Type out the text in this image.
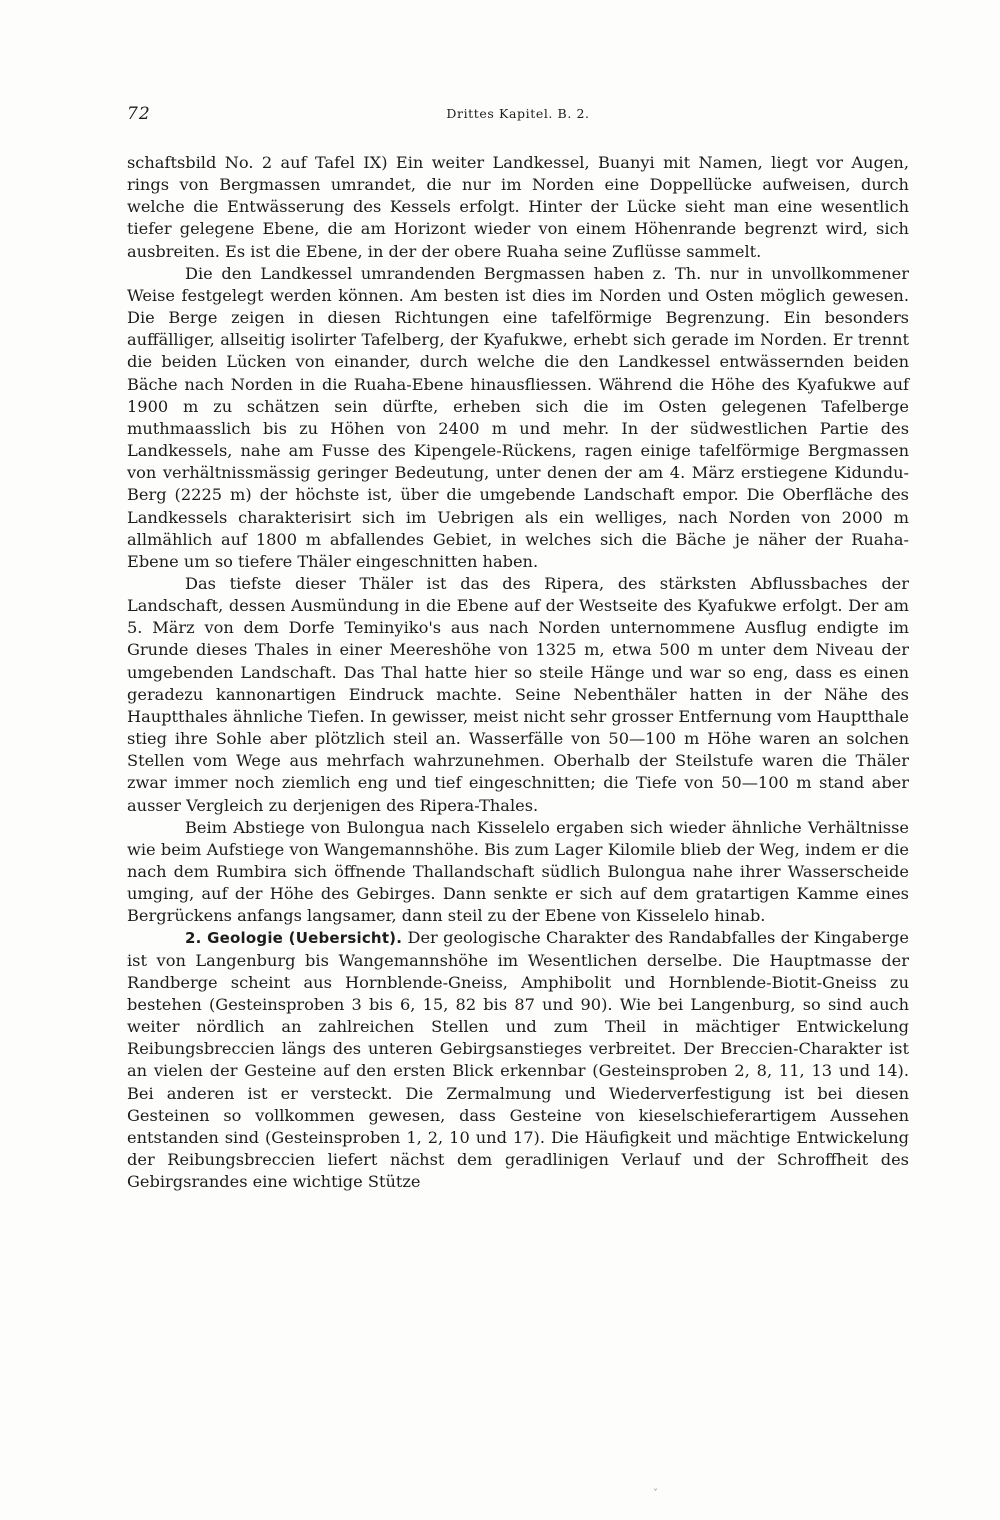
72	Drittes Kapitel. B. 2.

schaftsbild No. 2 auf Tafel IX) Ein weiter Landkessel, Buanyi mit Namen, liegt vor Augen, rings von Bergmassen umrandet, die nur im Norden eine Doppellücke aufweisen, durch welche die Entwässerung des Kessels erfolgt. Hinter der Lücke sieht man eine wesentlich tiefer gelegene Ebene, die am Horizont wieder von einem Höhenrande begrenzt wird, sich ausbreiten. Es ist die Ebene, in der der obere Ruaha seine Zuflüsse sammelt.

Die den Landkessel umrandenden Bergmassen haben z. Th. nur in unvollkommener Weise festgelegt werden können. Am besten ist dies im Norden und Osten möglich gewesen. Die Berge zeigen in diesen Richtungen eine tafelförmige Begrenzung. Ein besonders auffälliger, allseitig isolirter Tafelberg, der Kyafukwe, erhebt sich gerade im Norden. Er trennt die beiden Lücken von einander, durch welche die den Landkessel entwässernden beiden Bäche nach Norden in die Ruaha-Ebene hinausfliessen. Während die Höhe des Kyafukwe auf 1900 m zu schätzen sein dürfte, erheben sich die im Osten gelegenen Tafelberge muthmaasslich bis zu Höhen von 2400 m und mehr. In der südwestlichen Partie des Landkessels, nahe am Fusse des Kipengele-Rückens, ragen einige tafelförmige Bergmassen von verhältnissmässig geringer Bedeutung, unter denen der am 4. März erstiegene Kidundu-Berg (2225 m) der höchste ist, über die umgebende Landschaft empor. Die Oberfläche des Landkessels charakterisirt sich im Uebrigen als ein welliges, nach Norden von 2000 m allmählich auf 1800 m abfallendes Gebiet, in welches sich die Bäche je näher der Ruaha-Ebene um so tiefere Thäler eingeschnitten haben.

Das tiefste dieser Thäler ist das des Ripera, des stärksten Abflussbaches der Landschaft, dessen Ausmündung in die Ebene auf der Westseite des Kyafukwe erfolgt. Der am 5. März von dem Dorfe Teminyiko's aus nach Norden unternommene Ausflug endigte im Grunde dieses Thales in einer Meereshöhe von 1325 m, etwa 500 m unter dem Niveau der umgebenden Landschaft. Das Thal hatte hier so steile Hänge und war so eng, dass es einen geradezu kannonartigen Eindruck machte. Seine Nebenthäler hatten in der Nähe des Hauptthales ähnliche Tiefen. In gewisser, meist nicht sehr grosser Entfernung vom Hauptthale stieg ihre Sohle aber plötzlich steil an. Wasserfälle von 50—100 m Höhe waren an solchen Stellen vom Wege aus mehrfach wahrzunehmen. Oberhalb der Steilstufe waren die Thäler zwar immer noch ziemlich eng und tief eingeschnitten; die Tiefe von 50—100 m stand aber ausser Vergleich zu derjenigen des Ripera-Thales.

Beim Abstiege von Bulongua nach Kisselelo ergaben sich wieder ähnliche Verhältnisse wie beim Aufstiege von Wangemannshöhe. Bis zum Lager Kilomile blieb der Weg, indem er die nach dem Rumbira sich öffnende Thallandschaft südlich Bulongua nahe ihrer Wasserscheide umging, auf der Höhe des Gebirges. Dann senkte er sich auf dem gratartigen Kamme eines Bergrückens anfangs langsamer, dann steil zu der Ebene von Kisselelo hinab.

2. Geologie (Uebersicht). Der geologische Charakter des Randabfalles der Kingaberge ist von Langenburg bis Wangemannshöhe im Wesentlichen derselbe. Die Hauptmasse der Randberge scheint aus Hornblende-Gneiss, Amphibolit und Hornblende-Biotit-Gneiss zu bestehen (Gesteinsproben 3 bis 6, 15, 82 bis 87 und 90). Wie bei Langenburg, so sind auch weiter nördlich an zahlreichen Stellen und zum Theil in mächtiger Entwickelung Reibungsbreccien längs des unteren Gebirgsanstieges verbreitet. Der Breccien-Charakter ist an vielen der Gesteine auf den ersten Blick erkennbar (Gesteinsproben 2, 8, 11, 13 und 14). Bei anderen ist er versteckt. Die Zermalmung und Wiederverfestigung ist bei diesen Gesteinen so vollkommen gewesen, dass Gesteine von kieselschieferartigem Aussehen entstanden sind (Gesteinsproben 1, 2, 10 und 17). Die Häufigkeit und mächtige Entwickelung der Reibungsbreccien liefert nächst dem geradlinigen Verlauf und der Schroffheit des Gebirgsrandes eine wichtige Stütze

ˇ
